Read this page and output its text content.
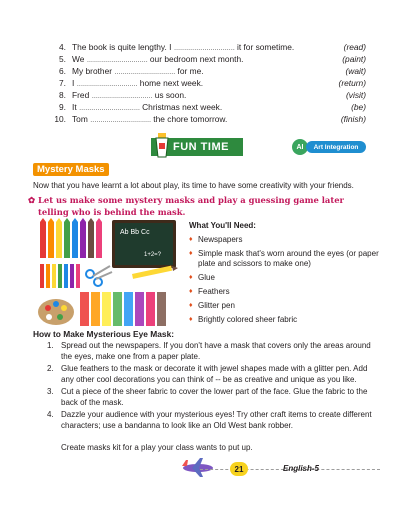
4. The book is quite lengthy. I .............................. it for sometime.	(read)
5. We .............................. our bedroom next month.	(paint)
6. My brother .............................. for me.	(wait)
7. I .............................. home next week.	(return)
8. Fred .............................. us soon.	(visit)
9. It .............................. Christmas next week.	(be)
10. Tom .............................. the chore tomorrow.	(finish)
FUN TIME	AI	Art Integration
Mystery Masks
Now that you have learnt a lot about play, its time to have some creativity with your friends.
✿ Let us make some mystery masks and play a guessing game later telling who is behind the mask.
Ab Bb Cc
1+2=?
What You'll Need:
♦ Newspapers
♦ Simple mask that's worn around the eyes (or paper plate and scissors to make one)
♦ Glue
♦ Feathers
♦ Glitter pen
♦ Brightly colored sheer fabric
How to Make Mysterious Eye Mask:
1. Spread out the newspapers. If you don't have a mask that covers only the areas around the eyes, make one from a paper plate.
2. Glue feathers to the mask or decorate it with jewel shapes made with a glitter pen. Add any other cool decorations you can think of -- be as creative and unique as you like.
3. Cut a piece of the sheer fabric to cover the lower part of the face. Glue the fabric to the back of the mask.
4. Dazzle your audience with your mysterious eyes! Try other craft items to create different characters; use a bandanna to look like an Old West bank robber.
Create masks kit for a play your class wants to put up.
21	English-5
